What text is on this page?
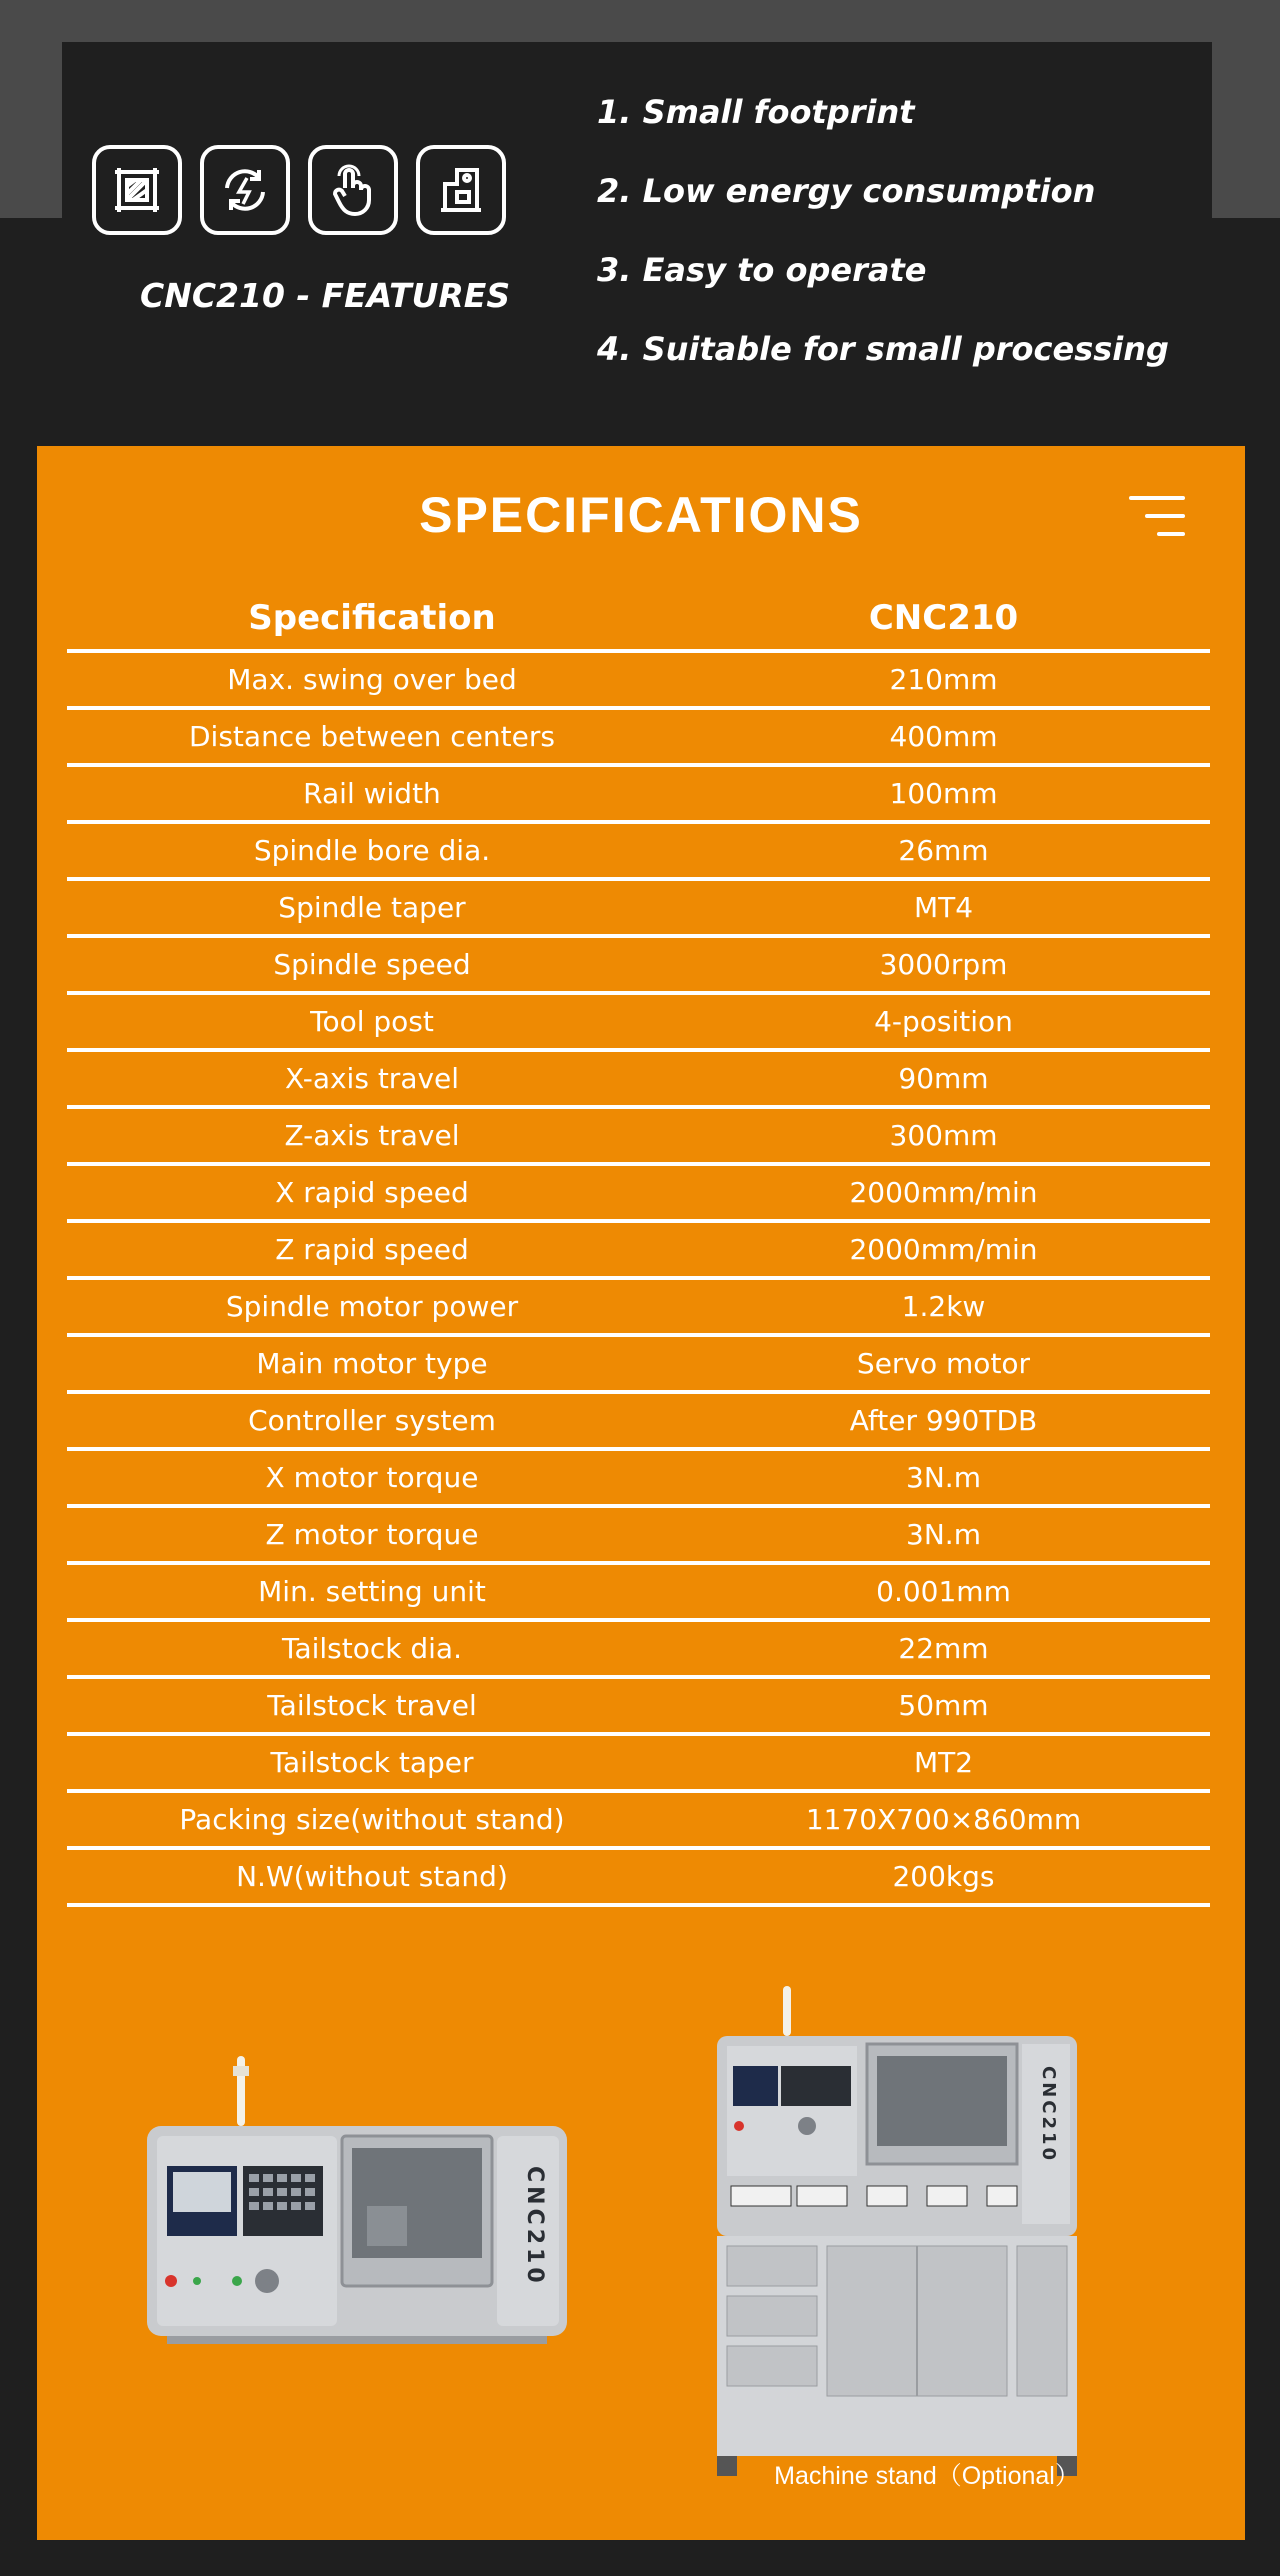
CNC210 - FEATURES
1. Small footprint
2. Low energy consumption
3. Easy to operate
4. Suitable for small processing
SPECIFICATIONS
Specification	CNC210
Max. swing over bed	210mm
Distance between centers	400mm
Rail width	100mm
Spindle bore dia.	26mm
Spindle taper	MT4
Spindle speed	3000rpm
Tool post	4-position
X-axis travel	90mm
Z-axis travel	300mm
X rapid speed	2000mm/min
Z rapid speed	2000mm/min
Spindle motor power	1.2kw
Main motor type	Servo motor
Controller system	After 990TDB
X motor torque	3N.m
Z motor torque	3N.m
Min. setting unit	0.001mm
Tailstock dia.	22mm
Tailstock travel	50mm
Tailstock taper	MT2
Packing size(without stand)	1170X700×860mm
N.W(without stand)	200kgs
CNC210
CNC210
Machine stand（Optional）
